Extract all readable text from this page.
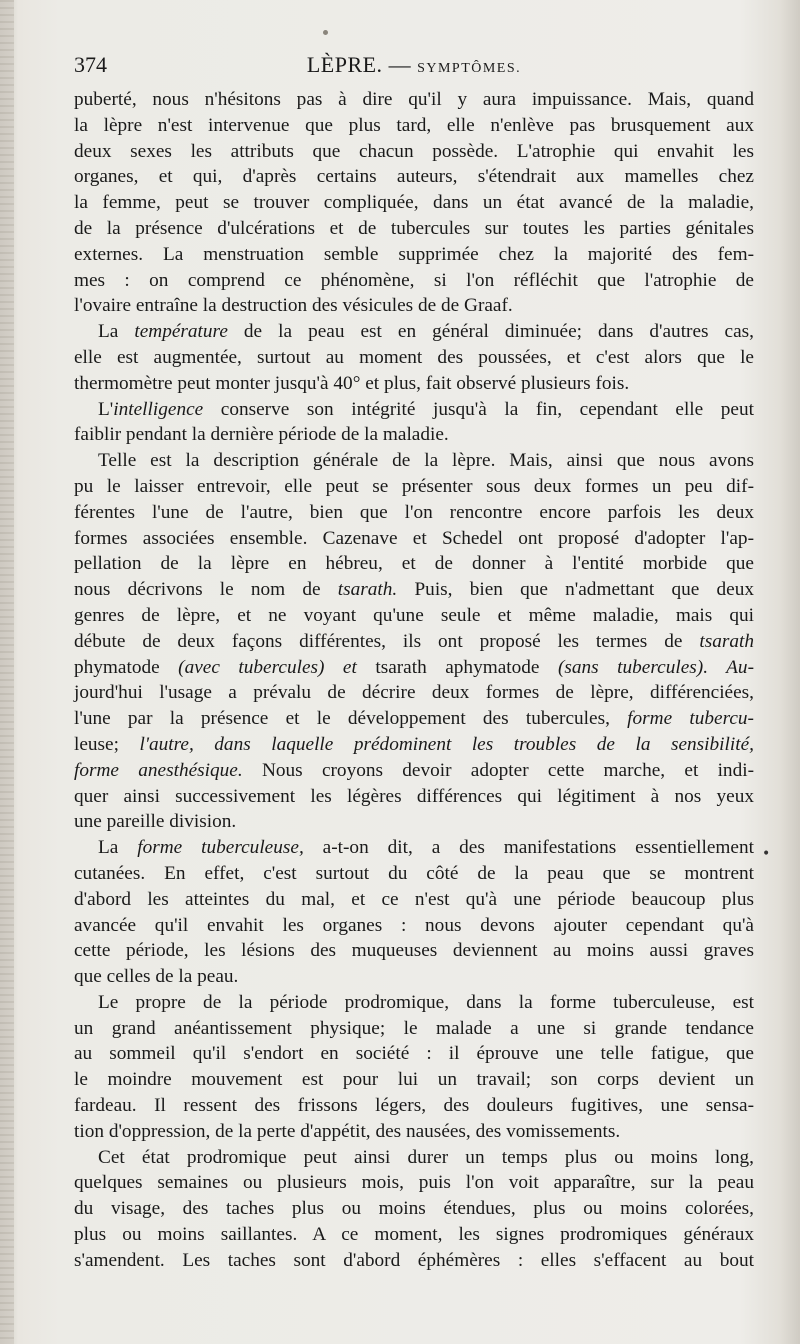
374	LÈPRE. — SYMPTÔMES.
puberté, nous n'hésitons pas à dire qu'il y aura impuissance. Mais, quand
la lèpre n'est intervenue que plus tard, elle n'enlève pas brusquement aux
deux sexes les attributs que chacun possède. L'atrophie qui envahit les
organes, et qui, d'après certains auteurs, s'étendrait aux mamelles chez
la femme, peut se trouver compliquée, dans un état avancé de la maladie,
de la présence d'ulcérations et de tubercules sur toutes les parties génitales
externes. La menstruation semble supprimée chez la majorité des fem-
mes : on comprend ce phénomène, si l'on réfléchit que l'atrophie de
l'ovaire entraîne la destruction des vésicules de de Graaf.
La température de la peau est en général diminuée; dans d'autres cas,
elle est augmentée, surtout au moment des poussées, et c'est alors que le
thermomètre peut monter jusqu'à 40° et plus, fait observé plusieurs fois.
L'intelligence conserve son intégrité jusqu'à la fin, cependant elle peut
faiblir pendant la dernière période de la maladie.
Telle est la description générale de la lèpre. Mais, ainsi que nous avons
pu le laisser entrevoir, elle peut se présenter sous deux formes un peu dif-
férentes l'une de l'autre, bien que l'on rencontre encore parfois les deux
formes associées ensemble. Cazenave et Schedel ont proposé d'adopter l'ap-
pellation de la lèpre en hébreu, et de donner à l'entité morbide que
nous décrivons le nom de tsarath. Puis, bien que n'admettant que deux
genres de lèpre, et ne voyant qu'une seule et même maladie, mais qui
débute de deux façons différentes, ils ont proposé les termes de tsarath
phymatode (avec tubercules) et tsarath aphymatode (sans tubercules). Au-
jourd'hui l'usage a prévalu de décrire deux formes de lèpre, différenciées,
l'une par la présence et le développement des tubercules, forme tubercu-
leuse; l'autre, dans laquelle prédominent les troubles de la sensibilité,
forme anesthésique. Nous croyons devoir adopter cette marche, et indi-
quer ainsi successivement les légères différences qui légitiment à nos yeux
une pareille division.
La forme tuberculeuse, a-t-on dit, a des manifestations essentiellement
cutanées. En effet, c'est surtout du côté de la peau que se montrent
d'abord les atteintes du mal, et ce n'est qu'à une période beaucoup plus
avancée qu'il envahit les organes : nous devons ajouter cependant qu'à
cette période, les lésions des muqueuses deviennent au moins aussi graves
que celles de la peau.
Le propre de la période prodromique, dans la forme tuberculeuse, est
un grand anéantissement physique; le malade a une si grande tendance
au sommeil qu'il s'endort en société : il éprouve une telle fatigue, que
le moindre mouvement est pour lui un travail; son corps devient un
fardeau. Il ressent des frissons légers, des douleurs fugitives, une sensa-
tion d'oppression, de la perte d'appétit, des nausées, des vomissements.
Cet état prodromique peut ainsi durer un temps plus ou moins long,
quelques semaines ou plusieurs mois, puis l'on voit apparaître, sur la peau
du visage, des taches plus ou moins étendues, plus ou moins colorées,
plus ou moins saillantes. A ce moment, les signes prodromiques généraux
s'amendent. Les taches sont d'abord éphémères : elles s'effacent au bout
•
